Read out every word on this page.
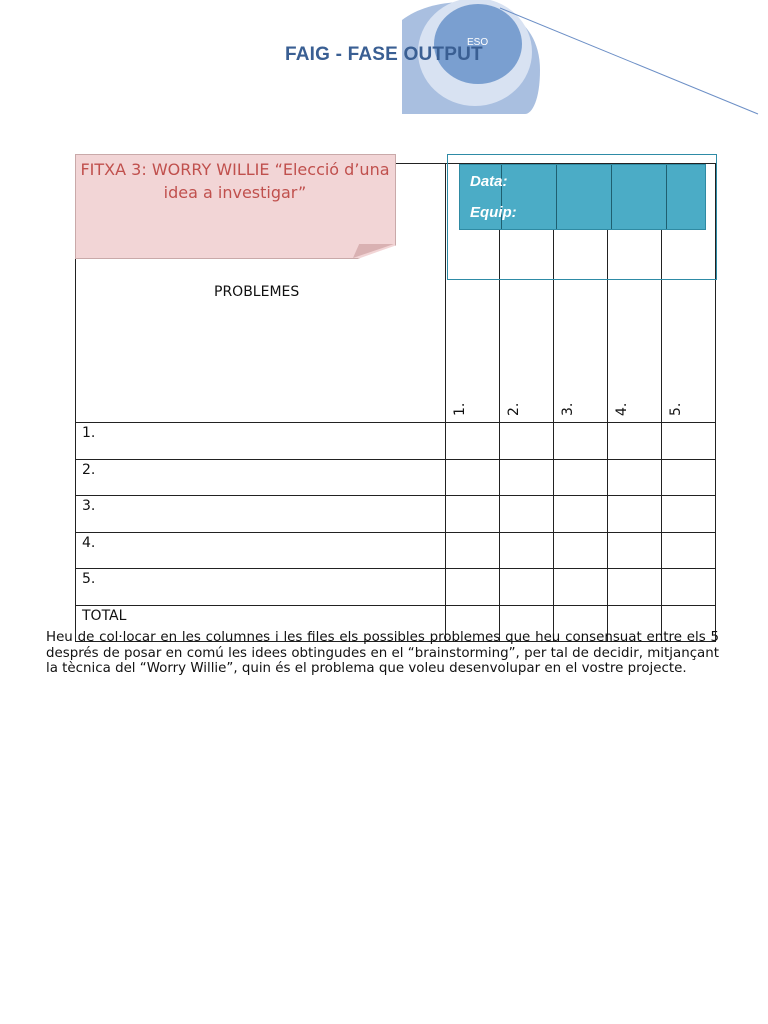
ESO
FAIG - FASE OUTPUT
PROBLEMES	1.	2.	3.	4.	5.

1.					
2.					
3.					
4.					
5.					
TOTAL					
FITXA 3: WORRY WILLIE “Elecció d’una idea a investigar”
Data:
Equip:

Heu de col·locar en les columnes i les files els possibles problemes que heu consensuat entre els 5 després de posar en comú les idees obtingudes en el “brainstorming”, per tal de decidir, mitjançant la tècnica del “Worry Willie”, quin és el problema que voleu desenvolupar en el vostre projecte.
